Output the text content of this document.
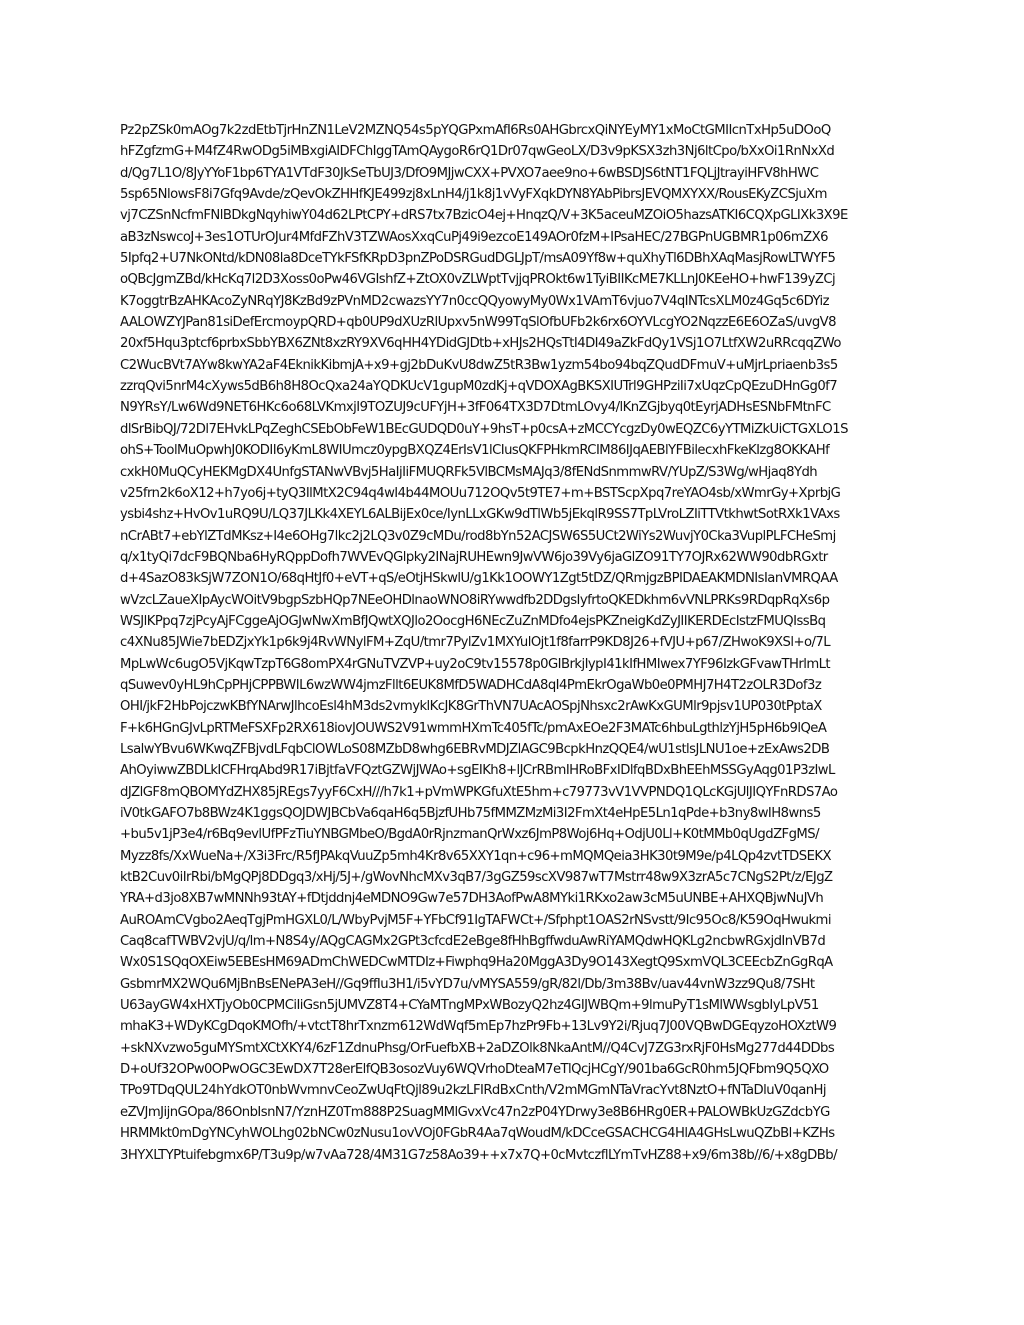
Pz2pZSk0mAOg7k2zdEtbTjrHnZN1LeV2MZNQ54s5pYQGPxmAfI6Rs0AHGbrcxQiNYEyMY1xMoCtGMIIcnTxHp5uDOoQ
hFZgfzmG+M4fZ4RwODg5iMBxgiAIDFChIggTAmQAygoR6rQ1Dr07qwGeoLX/D3v9pKSX3zh3Nj6ltCpo/bXxOi1RnNxXd
d/Qg7L1O/8JyYYoF1bp6TYA1VTdF30JkSeTbUJ3/DfO9MJjwCXX+PVXO7aee9no+6wBSDJS6tNT1FQLjJtrayiHFV8hHWC
5sp65NlowsF8i7Gfq9Avde/zQevOkZHHfKJE499zj8xLnH4/j1k8j1vVyFXqkDYN8YAbPibrsJEVQMXYXX/RousEKyZCSjuXm
vj7CZSnNcfmFNlBDkgNqyhiwY04d62LPtCPY+dRS7tx7BzicO4ej+HnqzQ/V+3K5aceuMZOiO5hazsATKI6CQXpGLIXk3X9E
aB3zNswcoJ+3es1OTUrOJur4MfdFZhV3TZWAosXxqCuPj49i9ezcoE149AOr0fzM+IPsaHEC/27BGPnUGBMR1p06mZX6
5Ipfq2+U7NkONtd/kDN08la8DceTYkFSfKRpD3pnZPoDSRGudDGLJpT/msA09Yf8w+quXhyTl6DBhXAqMasjRowLTWYF5
oQBcJgmZBd/kHcKq7l2D3Xoss0oPw46VGIshfZ+ZtOX0vZLWptTvjjqPROkt6w1TyiBIIKcME7KLLnJ0KEeHO+hwF139yZCj
K7oggtrBzAHKAcoZyNRqYJ8KzBd9zPVnMD2cwazsYY7n0ccQQyowyMy0Wx1VAmT6vjuo7V4qINTcsXLM0z4Gq5c6DYiz
AALOWZYJPan81siDefErcmoypQRD+qb0UP9dXUzRlUpxv5nW99TqSlOfbUFb2k6rx6OYVLcgYO2NqzzE6E6OZaS/uvgV8
20xf5Hqu3ptcf6prbxSbbYBX6ZNt8xzRY9XV6qHH4YDidGJDtb+xHJs2HQsTtI4DI49aZkFdQy1VSj1O7LtfXW2uRRcqqZWo
C2WucBVt7AYw8kwYA2aF4EknikKibmjA+x9+gj2bDuKvU8dwZ5tR3Bw1yzm54bo94bqZQudDFmuV+uMjrLpriaenb3s5
zzrqQvi5nrM4cXyws5dB6h8H8OcQxa24aYQDKUcV1gupM0zdKj+qVDOXAgBKSXIUTrl9GHPziIi7xUqzCpQEzuDHnGg0f7
N9YRsY/Lw6Wd9NET6HKc6o68LVKmxjI9TOZUJ9cUFYjH+3fF064TX3D7DtmLOvy4/lKnZGjbyq0tEyrjADHsESNbFMtnFC
dlSrBibQJ/72Dl7EHvkLPqZeghCSEbObFeW1BEcGUDQD0uY+9hsT+p0csA+zMCCYcgzDy0wEQZC6yYTMiZkUiCTGXLO1S
ohS+ToolMuOpwhJ0KODII6yKmL8WIUmcz0ypgBXQZ4ErIsV1lCIusQKFPHkmRCIM86IJqAEBlYFBilecxhFkeKIzg8OKKAHf
cxkH0MuQCyHEKMgDX4UnfgSTANwVBvj5HaIjIiFMUQRFk5VlBCMsMAJq3/8fENdSnmmwRV/YUpZ/S3Wg/wHjaq8Ydh
v25frn2k6oX12+h7yo6j+tyQ3IlMtX2C94q4wI4b44MOUu712OQv5t9TE7+m+BSTScpXpq7reYAO4sb/xWmrGy+XprbjG
ysbi4shz+HvOv1uRQ9U/LQ37JLKk4XEYL6ALBijEx0ce/IynLLxGKw9dTlWb5jEkqlR9SS7TpLVroLZIiTTVtkhwtSotRXk1VAxs
nCrABt7+ebYlZTdMKsz+I4e6OHg7lkc2j2LQ3v0Z9cMDu/rod8bYn52ACJSW6S5UCt2WiYs2WuvjY0Cka3VuplPLFCHeSmj
q/x1tyQi7dcF9BQNba6HyRQppDofh7WVEvQGlpky2INajRUHEwn9JwVW6jo39Vy6jaGlZO91TY7OJRx62WW90dbRGxtr
d+4SazO83kSjW7ZON1O/68qHtJf0+eVT+qS/eOtjHSkwlU/g1Kk1OOWY1Zgt5tDZ/QRmjgzBPIDAEAKMDNIsIanVMRQAA
wVzcLZaueXIpAycWOitV9bgpSzbHQp7NEeOHDlnaoWNO8iRYwwdfb2DDgsIyfrtoQKEDkhm6vVNLPRKs9RDqpRqXs6p
WSJlKPpq7zjPcyAjFCggeAjOGJwNwXmBfJQwtXQJlo2OocgH6NEcZuZnMDfo4ejsPKZneigKdZyJIIKERDEcIstzFMUQIssBq
c4XNu85JWie7bEDZjxYk1p6k9j4RvWNylFM+ZqU/tmr7PylZv1MXYulOjt1f8farrP9KD8J26+fVJU+p67/ZHwoK9XSl+o/7L
MpLwWc6ugO5VjKqwTzpT6G8omPX4rGNuTVZVP+uy2oC9tv15578p0GIBrkjIypI41kIfHMIwex7YF96IzkGFvawTHrlmLt
qSuwev0yHL9hCpPHjCPPBWIL6wzWW4jmzFllt6EUK8MfD5WADHCdA8qI4PmEkrOgaWb0e0PMHJ7H4T2zOLR3Dof3z
OHI/jkF2HbPojczwKBfYNArwJlhcoEsl4hM3ds2vmyklKcJK8GrThVN7UAcAOSpjNhsxc2rAwKxGUMlr9pjsv1UP030tPptaX
F+k6HGnGJvLpRTMeFSXFp2RX618iovJOUWS2V91wmmHXmTc405fTc/pmAxEOe2F3MATc6hbuLgthlzYjH5pH6b9lQeA
LsalwYBvu6WKwqZFBjvdLFqbClOWLoS08MZbD8whg6EBRvMDJZlAGC9BcpkHnzQQE4/wU1stlsJLNU1oe+zExAws2DB
AhOyiwwZBDLkICFHrqAbd9R17iBjtfaVFQztGZWjJWAo+sgEIKh8+lJCrRBmIHRoBFxIDlfqBDxBhEEhMSSGyAqg01P3zIwL
dJZlGF8mQBOMYdZHX85jREgs7yyF6CxH///h7k1+pVmWPKGfuXtE5hm+c79773vV1VVPNDQ1QLcKGjUlJIQYFnRDS7Ao
iV0tkGAFO7b8BWz4K1ggsQOJDWJBCbVa6qaH6q5BjzfUHb75fMMZMzMi3I2FmXt4eHpE5Ln1qPde+b3ny8wIH8wns5
+bu5v1jP3e4/r6Bq9evlUfPFzTiuYNBGMbeO/BgdA0rRjnzmanQrWxz6JmP8Woj6Hq+OdjU0Ll+K0tMMb0qUgdZFgMS/
Myzz8fs/XxWueNa+/X3i3Frc/R5fJPAkqVuuZp5mh4Kr8v65XXY1qn+c96+mMQMQeia3HK30t9M9e/p4LQp4zvtTDSEKX
ktB2Cuv0iIrRbi/bMgQPj8DDgq3/xHj/5J+/gWovNhcMXv3qB7/3gGZ59scXV987wT7Mstrr48w9X3zrA5c7CNgS2Pt/z/EJgZ
YRA+d3jo8XB7wMNNh93tAY+fDtjddnj4eMDNO9Gw7e57DH3AofPwA8MYki1RKxo2aw3cM5uUNBE+AHXQBjwNuJVh
AuROAmCVgbo2AeqTgjPmHGXL0/L/WbyPvjM5F+YFbCf91IgTAFWCt+/Sfphpt1OAS2rNSvstt/9Ic95Oc8/K59OqHwukmi
Caq8cafTWBV2vjU/q/lm+N8S4y/AQgCAGMx2GPt3cfcdE2eBge8fHhBgffwduAwRiYAMQdwHQKLg2ncbwRGxjdInVB7d
Wx0S1SQqOXEiw5EBEsHM69ADmChWEDCwMTDIz+Fiwphq9Ha20MggA3Dy9O143XegtQ9SxmVQL3CEEcbZnGgRqA
GsbmrMX2WQu6MjBnBsENePA3eH//Gq9ffIu3H1/i5vYD7u/vMYSA559/gR/82l/Db/3m38Bv/uav44vnW3zz9Qu8/7SHt
U63ayGW4xHXTjyOb0CPMCiIiGsn5jUMVZ8T4+CYaMTngMPxWBozyQ2hz4GIJWBQm+9lmuPyT1sMlWWsgbIyLpV51
mhaK3+WDyKCgDqoKMOfh/+vtctT8hrTxnzm612WdWqf5mEp7hzPr9Fb+13Lv9Y2i/Rjuq7J00VQBwDGEqyzoHOXztW9
+skNXvzwo5guMYSmtXCtXKY4/6zF1ZdnuPhsg/OrFuefbXB+2aDZOlk8NkaAntM//Q4CvJ7ZG3rxRjF0HsMg277d44DDbs
D+oUf32OPw0OPwOGC3EwDX7T28erElfQB3osozVuy6WQVrhoDteaM7eTlQcjHCgY/901ba6GcR0hm5JQFbm9Q5QXO
TPo9TDqQUL24hYdkOT0nbWvmnvCeoZwUqFtQjl89u2kzLFIRdBxCnth/V2mMGmNTaVracYvt8NztO+fNTaDluV0qanHj
eZVJmJijnGOpa/86OnbIsnN7/YznHZ0Tm888P2SuagMMlGvxVc47n2zP04YDrwy3e8B6HRg0ER+PALOWBkUzGZdcbYG
HRMMkt0mDgYNCyhWOLhg02bNCw0zNusu1ovVOj0FGbR4Aa7qWoudM/kDCceGSACHCG4HlA4GHsLwuQZbBl+KZHs
3HYXLTYPtuifebgmx6P/T3u9p/w7vAa728/4M31G7z58Ao39++x7x7Q+0cMvtczflLYmTvHZ88+x9/6m38b//6/+x8gDBb/
